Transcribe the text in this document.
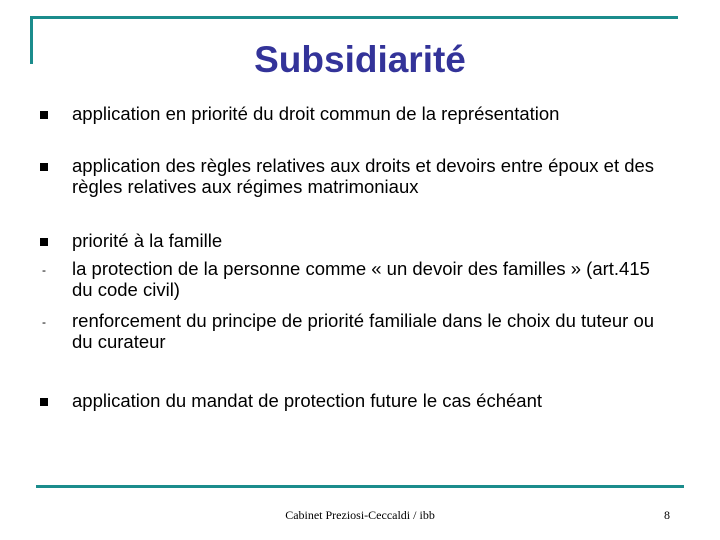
Subsidiarité

application en priorité du droit commun de la représentation

application des règles relatives aux droits et devoirs entre époux et des règles relatives aux régimes matrimoniaux

priorité à la famille

- la protection de la personne comme « un devoir des familles » (art.415 du code civil)

- renforcement du principe de priorité familiale dans le choix du tuteur ou du curateur

application du mandat de protection future le cas échéant

Cabinet Preziosi-Ceccaldi / ibb	8
